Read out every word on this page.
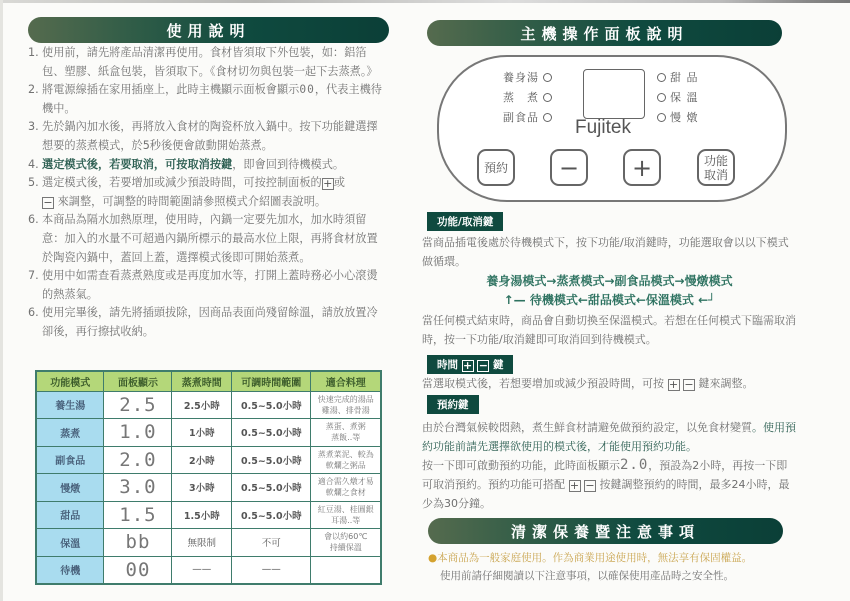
使用說明
1. 使用前，請先將產品清潔再使用。食材皆須取下外包裝，如：鋁箔包、塑膠、紙盒包裝，皆須取下。《食材切勿與包裝一起下去蒸煮。》
2. 將電源線插在家用插座上，此時主機顯示面板會顯示00，代表主機待機中。
3. 先於鍋內加水後，再將放入食材的陶瓷杯放入鍋中。按下功能鍵選擇想要的蒸煮模式，於5秒後便會啟動開始蒸煮。
4. 選定模式後，若要取消，可按取消按鍵，即會回到待機模式。
5. 選定模式後，若要增加或減少預設時間，可按控制面板的+或
− 來調整，可調整的時間範圍請參照模式介紹圖表說明。
6. 本商品為隔水加熱原理，使用時，內鍋一定要先加水，加水時須留意：加入的水量不可超過內鍋所標示的最高水位上限，再將食材放置於陶瓷內鍋中，蓋回上蓋，選擇模式後即可開始蒸煮。
7. 使用中如需查看蒸煮熟度或是再度加水等，打開上蓋時務必小心滾燙的熱蒸氣。
6. 使用完畢後，請先將插頭拔除，因商品表面尚殘留餘溫，請放放置冷卻後，再行擦拭收納。
功能模式	面板顯示	蒸煮時間	可調時間範圍	適合料理
養生湯	2.5	2.5小時	0.5~5.0小時	快速完成的湯品
雞湯、排骨湯
蒸煮	1.0	1小時	0.5~5.0小時	蒸蛋、煮粥
蒸飯..等
副食品	2.0	2小時	0.5~5.0小時	蒸煮菜泥、較為
軟爛之粥品
慢燉	3.0	3小時	0.5~5.0小時	適合需久燉才易
軟爛之食材
甜品	1.5	1.5小時	0.5~5.0小時	紅豆湯、桂圓銀
耳湯..等
保溫	bb	無限制	不可	會以約60℃
持續保溫
待機	00	——	——	
主機操作面板說明
養身湯
蒸　煮
副食品
甜 品
保 溫
慢 燉
Fujitek
預約 − +	功能
取消
功能/取消鍵
當商品插電後處於待機模式下，按下功能/取消鍵時，功能選取會以以下模式做循環。
養身湯模式→蒸煮模式→副食品模式→慢燉模式
↑— 待機模式←甜品模式←保溫模式 ←┘
當任何模式結束時，商品會自動切換至保溫模式。若想在任何模式下臨需取消時，按一下功能/取消鍵即可取消回到待機模式。
時間 + − 鍵
當選取模式後，若想要增加或減少預設時間，可按 + − 鍵來調整。
預約鍵
由於台灣氣候較悶熱，煮生鮮食材請避免做預約設定，以免食材變質。使用預約功能前請先選擇欲使用的模式後，才能使用預約功能。
按一下即可啟動預約功能，此時面板顯示2.0，預設為2小時，再按一下即可取消預約。預約功能可搭配 + − 按鍵調整預約的時間，最多24小時，最少為30分鐘。
清潔保養暨注意事項
●本商品為一般家庭使用。作為商業用途使用時，無法享有保固權益。
使用前請仔細閱讀以下注意事項，以確保使用產品時之安全性。
